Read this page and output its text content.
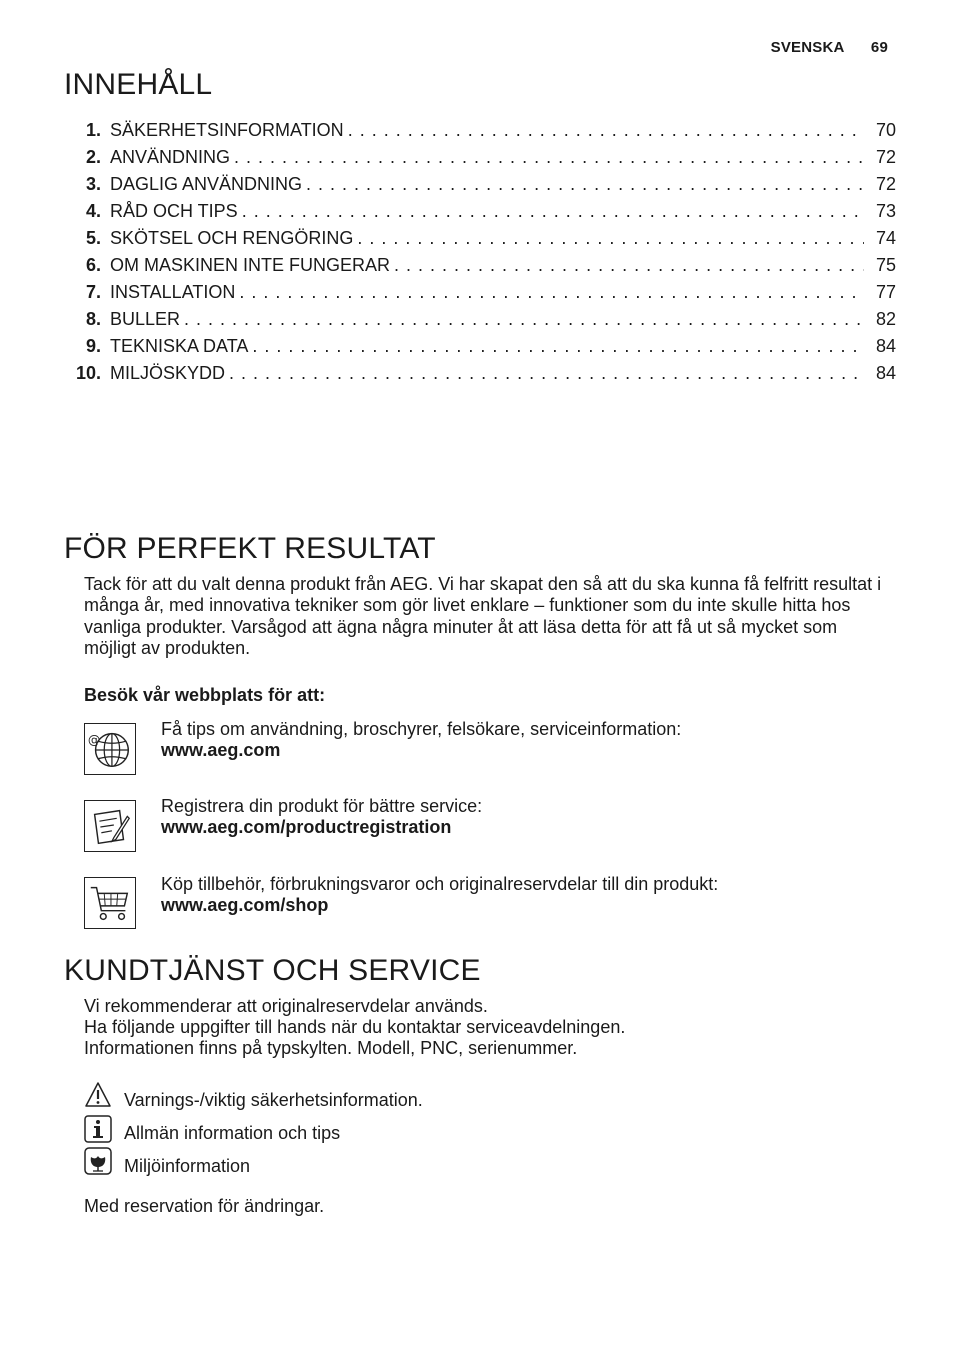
SVENSKA 69
INNEHÅLL
1. SÄKERHETSINFORMATION . . .	70
2. ANVÄNDNING . . .	72
3. DAGLIG ANVÄNDNING . . .	72
4. RÅD OCH TIPS . . .	73
5. SKÖTSEL OCH RENGÖRING . . .	74
6. OM MASKINEN INTE FUNGERAR . . .	75
7. INSTALLATION . . .	77
8. BULLER . . .	82
9. TEKNISKA DATA . . .	84
10. MILJÖSKYDD . . .	84
FÖR PERFEKT RESULTAT

Tack för att du valt denna produkt från AEG. Vi har skapat den så att du ska kunna få felfritt resultat i många år, med innovativa tekniker som gör livet enklare – funktioner som du inte skulle hitta hos vanliga produkter. Varsågod att ägna några minuter åt att läsa detta för att få ut så mycket som möjligt av produkten.

Besök vår webbplats för att:

@
Få tips om användning, broschyrer, felsökare, serviceinformation:
www.aeg.com
Registrera din produkt för bättre service:
www.aeg.com/productregistration
Köp tillbehör, förbrukningsvaror och originalreservdelar till din produkt:
www.aeg.com/shop
KUNDTJÄNST OCH SERVICE

Vi rekommenderar att originalreservdelar används.

Ha följande uppgifter till hands när du kontaktar serviceavdelningen.

Informationen finns på typskylten. Modell, PNC, serienummer.

Varnings-/viktig säkerhetsinformation.
Allmän information och tips
Miljöinformation

Med reservation för ändringar.
